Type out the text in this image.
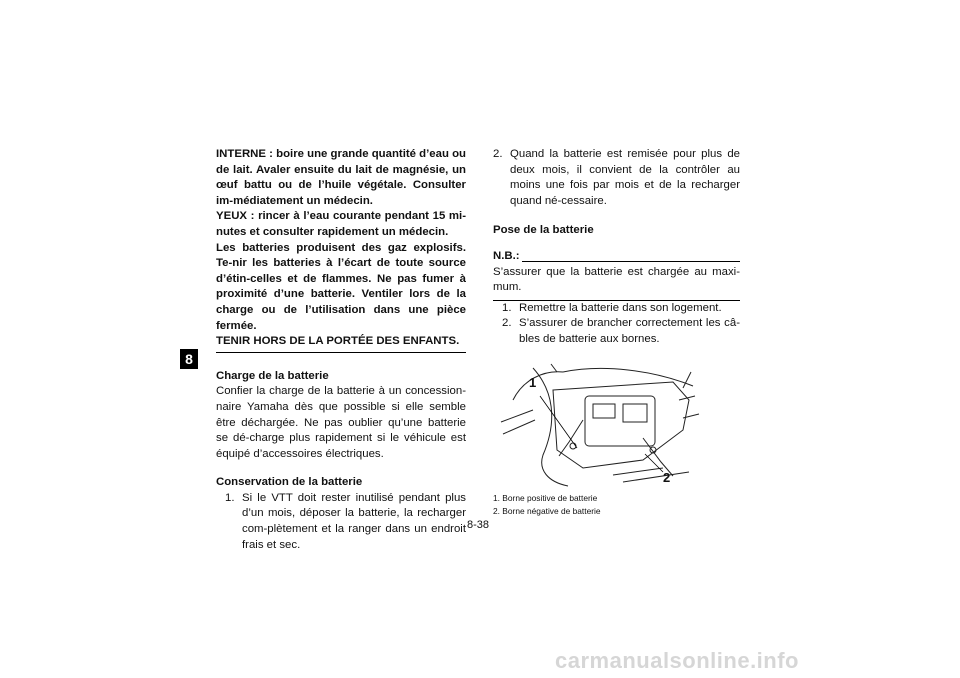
8

INTERNE : boire une grande quantité d’eau ou de lait. Avaler ensuite du lait de magnésie, un œuf battu ou de l’huile végétale. Consulter im-médiatement un médecin.

YEUX : rincer à l’eau courante pendant 15 mi-nutes et consulter rapidement un médecin.

Les batteries produisent des gaz explosifs. Te-nir les batteries à l’écart de toute source d’étin-celles et de flammes. Ne pas fumer à proximité d’une batterie. Ventiler lors de la charge ou de l’utilisation dans une pièce fermée.

TENIR HORS DE LA PORTÉE DES ENFANTS.

Charge de la batterie

Confier la charge de la batterie à un concession-naire Yamaha dès que possible si elle semble être déchargée. Ne pas oublier qu’une batterie se dé-charge plus rapidement si le véhicule est équipé d’accessoires électriques.

Conservation de la batterie
1. Si le VTT doit rester inutilisé pendant plus d’un mois, déposer la batterie, la recharger com-plètement et la ranger dans un endroit frais et sec.
2. Quand la batterie est remisée pour plus de deux mois, il convient de la contrôler au moins une fois par mois et de la recharger quand né-cessaire.
Pose de la batterie
N.B.:

S’assurer que la batterie est chargée au maxi-mum.

1. Remettre la batterie dans son logement.
2. S’assurer de brancher correctement les câ-bles de batterie aux bornes.
1
2
1. Borne positive de batterie
2. Borne négative de batterie
8-38
carmanualsonline.info
